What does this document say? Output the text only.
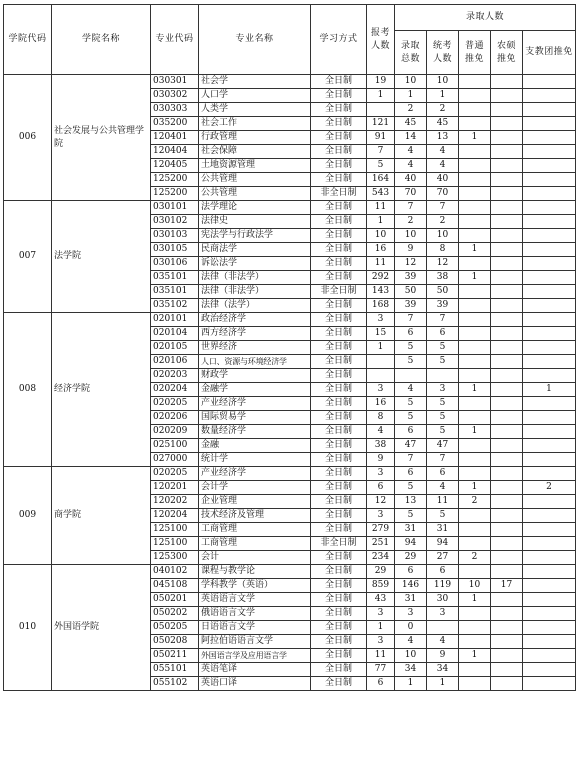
学院代码	学院名称	专业代码	专业名称	学习方式	报考人数	录取人数				
						录取总数	统考人数	普通推免	农硕推免	支教团推免
006	社会发展与公共管理学院	030301	社会学	全日制	19	10	10			
		030302	人口学	全日制	1	1	1			
		030303	人类学	全日制		2	2			
		035200	社会工作	全日制	121	45	45			
		120401	行政管理	全日制	91	14	13	1		
		120404	社会保障	全日制	7	4	4			
		120405	土地资源管理	全日制	5	4	4			
		125200	公共管理	全日制	164	40	40			
		125200	公共管理	非全日制	543	70	70			
007	法学院	030101	法学理论	全日制	11	7	7			
		030102	法律史	全日制	1	2	2			
		030103	宪法学与行政法学	全日制	10	10	10			
		030105	民商法学	全日制	16	9	8	1		
		030106	诉讼法学	全日制	11	12	12			
		035101	法律（非法学）	全日制	292	39	38	1		
		035101	法律（非法学）	非全日制	143	50	50			
		035102	法律（法学）	全日制	168	39	39			
008	经济学院	020101	政治经济学	全日制	3	7	7			
		020104	西方经济学	全日制	15	6	6			
		020105	世界经济	全日制	1	5	5			
		020106	人口、资源与环境经济学	全日制		5	5			
		020203	财政学	全日制						
		020204	金融学	全日制	3	4	3	1		1
		020205	产业经济学	全日制	16	5	5			
		020206	国际贸易学	全日制	8	5	5			
		020209	数量经济学	全日制	4	6	5	1		
		025100	金融	全日制	38	47	47			
		027000	统计学	全日制	9	7	7			
009	商学院	020205	产业经济学	全日制	3	6	6			
		120201	会计学	全日制	6	5	4	1		2
		120202	企业管理	全日制	12	13	11	2		
		120204	技术经济及管理	全日制	3	5	5			
		125100	工商管理	全日制	279	31	31			
		125100	工商管理	非全日制	251	94	94			
		125300	会计	全日制	234	29	27	2		
010	外国语学院	040102	课程与教学论	全日制	29	6	6			
		045108	学科教学（英语）	全日制	859	146	119	10	17	
		050201	英语语言文学	全日制	43	31	30	1		
		050202	俄语语言文学	全日制	3	3	3			
		050205	日语语言文学	全日制	1	0				
		050208	阿拉伯语语言文学	全日制	3	4	4			
		050211	外国语言学及应用语言学	全日制	11	10	9	1		
		055101	英语笔译	全日制	77	34	34			
		055102	英语口译	全日制	6	1	1			
